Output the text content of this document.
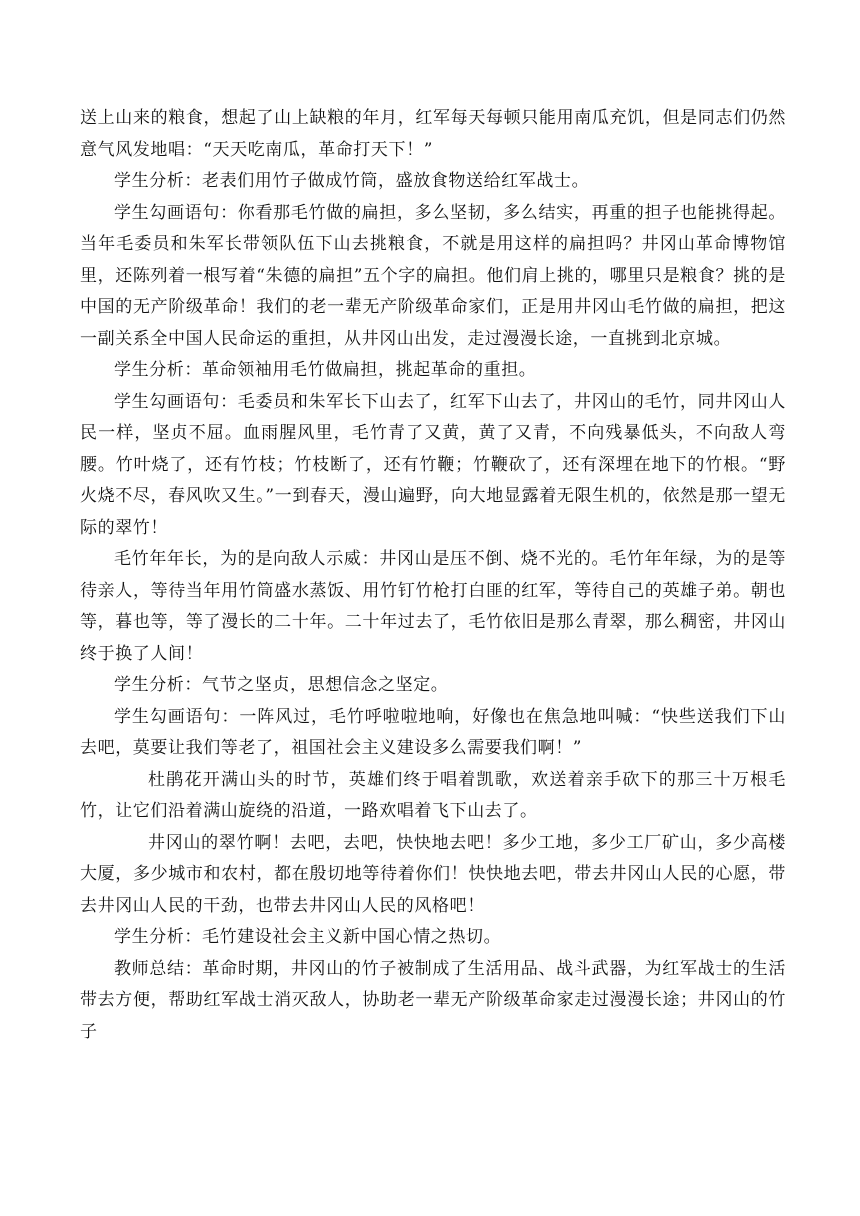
送上山来的粮食，想起了山上缺粮的年月，红军每天每顿只能用南瓜充饥，但是同志们仍然意气风发地唱：“天天吃南瓜，革命打天下！”

学生分析：老表们用竹子做成竹筒，盛放食物送给红军战士。

学生勾画语句：你看那毛竹做的扁担，多么坚韧，多么结实，再重的担子也能挑得起。当年毛委员和朱军长带领队伍下山去挑粮食，不就是用这样的扁担吗？井冈山革命博物馆里，还陈列着一根写着“朱德的扁担”五个字的扁担。他们肩上挑的，哪里只是粮食？挑的是中国的无产阶级革命！我们的老一辈无产阶级革命家们，正是用井冈山毛竹做的扁担，把这一副关系全中国人民命运的重担，从井冈山出发，走过漫漫长途，一直挑到北京城。

学生分析：革命领袖用毛竹做扁担，挑起革命的重担。

学生勾画语句：毛委员和朱军长下山去了，红军下山去了，井冈山的毛竹，同井冈山人民一样，坚贞不屈。血雨腥风里，毛竹青了又黄，黄了又青，不向残暴低头，不向敌人弯腰。竹叶烧了，还有竹枝；竹枝断了，还有竹鞭；竹鞭砍了，还有深埋在地下的竹根。“野火烧不尽，春风吹又生。”一到春天，漫山遍野，向大地显露着无限生机的，依然是那一望无际的翠竹！

毛竹年年长，为的是向敌人示威：井冈山是压不倒、烧不光的。毛竹年年绿，为的是等待亲人，等待当年用竹筒盛水蒸饭、用竹钉竹枪打白匪的红军，等待自己的英雄子弟。朝也等，暮也等，等了漫长的二十年。二十年过去了，毛竹依旧是那么青翠，那么稠密，井冈山终于换了人间！

学生分析：气节之坚贞，思想信念之坚定。

学生勾画语句：一阵风过，毛竹呼啦啦地响，好像也在焦急地叫喊：“快些送我们下山去吧，莫要让我们等老了，祖国社会主义建设多么需要我们啊！”

杜鹃花开满山头的时节，英雄们终于唱着凯歌，欢送着亲手砍下的那三十万根毛竹，让它们沿着满山旋绕的沿道，一路欢唱着飞下山去了。

井冈山的翠竹啊！去吧，去吧，快快地去吧！多少工地，多少工厂矿山，多少高楼大厦，多少城市和农村，都在殷切地等待着你们！快快地去吧，带去井冈山人民的心愿，带去井冈山人民的干劲，也带去井冈山人民的风格吧！

学生分析：毛竹建设社会主义新中国心情之热切。

教师总结：革命时期，井冈山的竹子被制成了生活用品、战斗武器，为红军战士的生活带去方便，帮助红军战士消灭敌人，协助老一辈无产阶级革命家走过漫漫长途；井冈山的竹子
